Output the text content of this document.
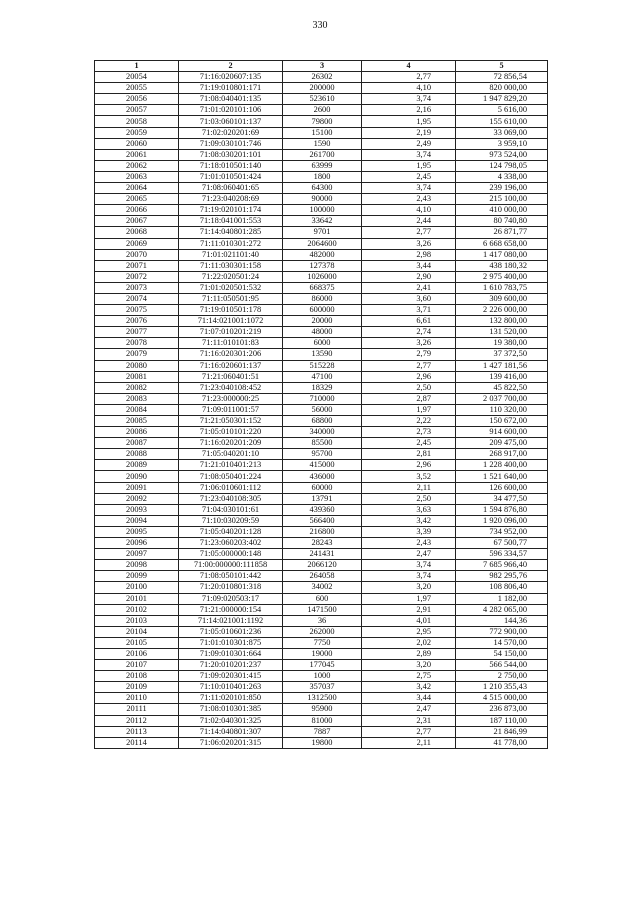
330
1	2	3	4	5
20054	71:16:020607:135	26302	2,77	72 856,54
20055	71:19:010801:171	200000	4,10	820 000,00
20056	71:08:040401:135	523610	3,74	1 947 829,20
20057	71:01:020101:106	2600	2,16	5 616,00
20058	71:03:060101:137	79800	1,95	155 610,00
20059	71:02:020201:69	15100	2,19	33 069,00
20060	71:09:030101:746	1590	2,49	3 959,10
20061	71:08:030201:101	261700	3,74	973 524,00
20062	71:18:010501:140	63999	1,95	124 798,05
20063	71:01:010501:424	1800	2,45	4 338,00
20064	71:08:060401:65	64300	3,74	239 196,00
20065	71:23:040208:69	90000	2,43	215 100,00
20066	71:19:020101:174	100000	4,10	410 000,00
20067	71:18:041001:553	33642	2,44	80 740,80
20068	71:14:040801:285	9701	2,77	26 871,77
20069	71:11:010301:272	2064600	3,26	6 668 658,00
20070	71:01:021101:40	482000	2,98	1 417 080,00
20071	71:11:030301:158	127378	3,44	438 180,32
20072	71:22:020501:24	1026000	2,90	2 975 400,00
20073	71:01:020501:532	668375	2,41	1 610 783,75
20074	71:11:050501:95	86000	3,60	309 600,00
20075	71:19:010501:178	600000	3,71	2 226 000,00
20076	71:14:021001:1072	20000	6,61	132 800,00
20077	71:07:010201:219	48000	2,74	131 520,00
20078	71:11:010101:83	6000	3,26	19 380,00
20079	71:16:020301:206	13590	2,79	37 372,50
20080	71:16:020601:137	515228	2,77	1 427 181,56
20081	71:21:060401:51	47100	2,96	139 416,00
20082	71:23:040108:452	18329	2,50	45 822,50
20083	71:23:000000:25	710000	2,87	2 037 700,00
20084	71:09:011001:57	56000	1,97	110 320,00
20085	71:21:050301:152	68800	2,22	150 672,00
20086	71:05:010101:220	340000	2,73	914 600,00
20087	71:16:020201:209	85500	2,45	209 475,00
20088	71:05:040201:10	95700	2,81	268 917,00
20089	71:21:010401:213	415000	2,96	1 228 400,00
20090	71:08:050401:224	436000	3,52	1 521 640,00
20091	71:06:010601:112	60000	2,11	126 600,00
20092	71:23:040108:305	13791	2,50	34 477,50
20093	71:04:030101:61	439360	3,63	1 594 876,80
20094	71:10:030209:59	566400	3,42	1 920 096,00
20095	71:05:040201:128	216800	3,39	734 952,00
20096	71:23:060203:402	28243	2,43	67 500,77
20097	71:05:000000:148	241431	2,47	596 334,57
20098	71:00:000000:111858	2066120	3,74	7 685 966,40
20099	71:08:050101:442	264058	3,74	982 295,76
20100	71:20:010801:318	34002	3,20	108 806,40
20101	71:09:020503:17	600	1,97	1 182,00
20102	71:21:000000:154	1471500	2,91	4 282 065,00
20103	71:14:021001:1192	36	4,01	144,36
20104	71:05:010601:236	262000	2,95	772 900,00
20105	71:01:010301:875	7750	2,02	14 570,00
20106	71:09:010301:664	19000	2,89	54 150,00
20107	71:20:010201:237	177045	3,20	566 544,00
20108	71:09:020301:415	1000	2,75	2 750,00
20109	71:10:010401:263	357037	3,42	1 210 355,43
20110	71:11:020101:850	1312500	3,44	4 515 000,00
20111	71:08:010301:385	95900	2,47	236 873,00
20112	71:02:040301:325	81000	2,31	187 110,00
20113	71:14:040801:307	7887	2,77	21 846,99
20114	71:06:020201:315	19800	2,11	41 778,00
